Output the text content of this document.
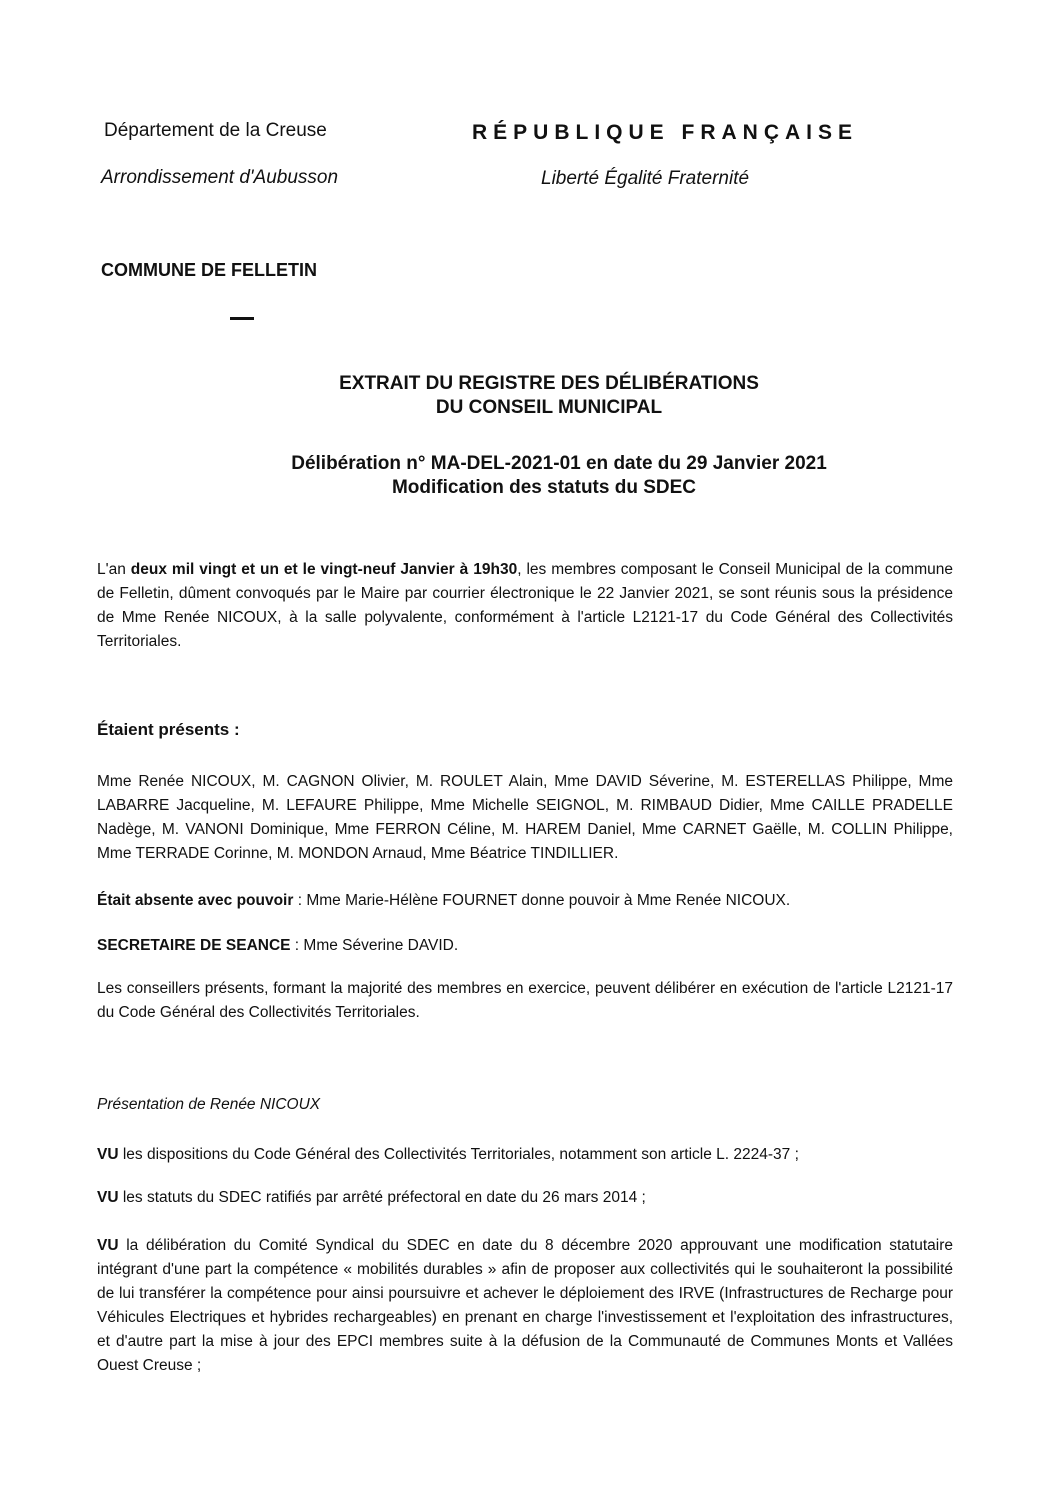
Département de la Creuse
Arrondissement d'Aubusson
RÉPUBLIQUE FRANÇAISE
Liberté Égalité Fraternité
COMMUNE DE FELLETIN
EXTRAIT DU REGISTRE DES DÉLIBÉRATIONS
DU CONSEIL MUNICIPAL
Délibération n° MA-DEL-2021-01 en date du 29 Janvier 2021
Modification des statuts du SDEC
L'an deux mil vingt et un et le vingt-neuf Janvier à 19h30, les membres composant le Conseil Municipal de la commune de Felletin, dûment convoqués par le Maire par courrier électronique le 22 Janvier 2021, se sont réunis sous la présidence de Mme Renée NICOUX, à la salle polyvalente, conformément à l'article L2121-17 du Code Général des Collectivités Territoriales.
Étaient présents :
Mme Renée NICOUX, M. CAGNON Olivier, M. ROULET Alain, Mme DAVID Séverine, M. ESTERELLAS Philippe, Mme LABARRE Jacqueline, M. LEFAURE Philippe, Mme Michelle SEIGNOL, M. RIMBAUD Didier, Mme CAILLE PRADELLE Nadège, M. VANONI Dominique, Mme FERRON Céline, M. HAREM Daniel, Mme CARNET Gaëlle, M. COLLIN Philippe, Mme TERRADE Corinne, M. MONDON Arnaud, Mme Béatrice TINDILLIER.
Était absente avec pouvoir : Mme Marie-Hélène FOURNET donne pouvoir à Mme Renée NICOUX.
SECRETAIRE DE SEANCE : Mme Séverine DAVID.
Les conseillers présents, formant la majorité des membres en exercice, peuvent délibérer en exécution de l'article L2121-17 du Code Général des Collectivités Territoriales.
Présentation de Renée NICOUX
VU les dispositions du Code Général des Collectivités Territoriales, notamment son article L. 2224-37 ;
VU les statuts du SDEC ratifiés par arrêté préfectoral en date du 26 mars 2014 ;
VU la délibération du Comité Syndical du SDEC en date du 8 décembre 2020 approuvant une modification statutaire intégrant d'une part la compétence « mobilités durables » afin de proposer aux collectivités qui le souhaiteront la possibilité de lui transférer la compétence pour ainsi poursuivre et achever le déploiement des IRVE (Infrastructures de Recharge pour Véhicules Electriques et hybrides rechargeables) en prenant en charge l'investissement et l'exploitation des infrastructures, et d'autre part la mise à jour des EPCI membres suite à la défusion de la Communauté de Communes Monts et Vallées Ouest Creuse ;
